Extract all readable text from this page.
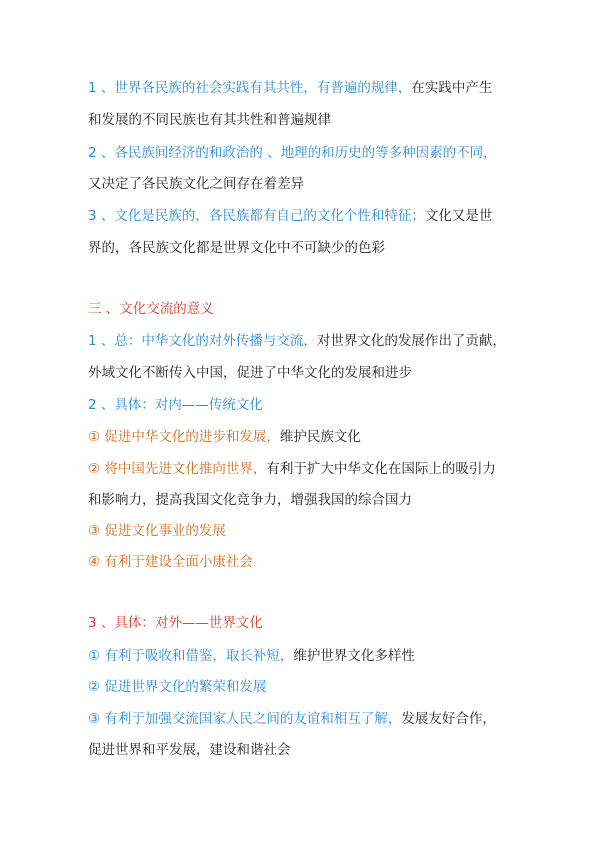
1 、世界各民族的社会实践有其共性，有普遍的规律，在实践中产生
和发展的不同民族也有其共性和普遍规律
2 、各民族间经济的和政治的 、地理的和历史的等多种因素的不同，
又决定了各民族文化之间存在着差异
3 、文化是民族的，各民族都有自己的文化个性和特征；文化又是世
界的，各民族文化都是世界文化中不可缺少的色彩
三 、文化交流的意义
1 、总：中华文化的对外传播与交流，对世界文化的发展作出了贡献，
外域文化不断传入中国，促进了中华文化的发展和进步
2 、具体：对内——传统文化
① 促进中华文化的进步和发展，维护民族文化
② 将中国先进文化推向世界，有利于扩大中华文化在国际上的吸引力
和影响力，提高我国文化竞争力，增强我国的综合国力
③ 促进文化事业的发展
④ 有利于建设全面小康社会
3 、具体：对外——世界文化
① 有利于吸收和借鉴，取长补短，维护世界文化多样性
② 促进世界文化的繁荣和发展
③ 有利于加强交流国家人民之间的友谊和相互了解，发展友好合作，
促进世界和平发展，建设和谐社会
